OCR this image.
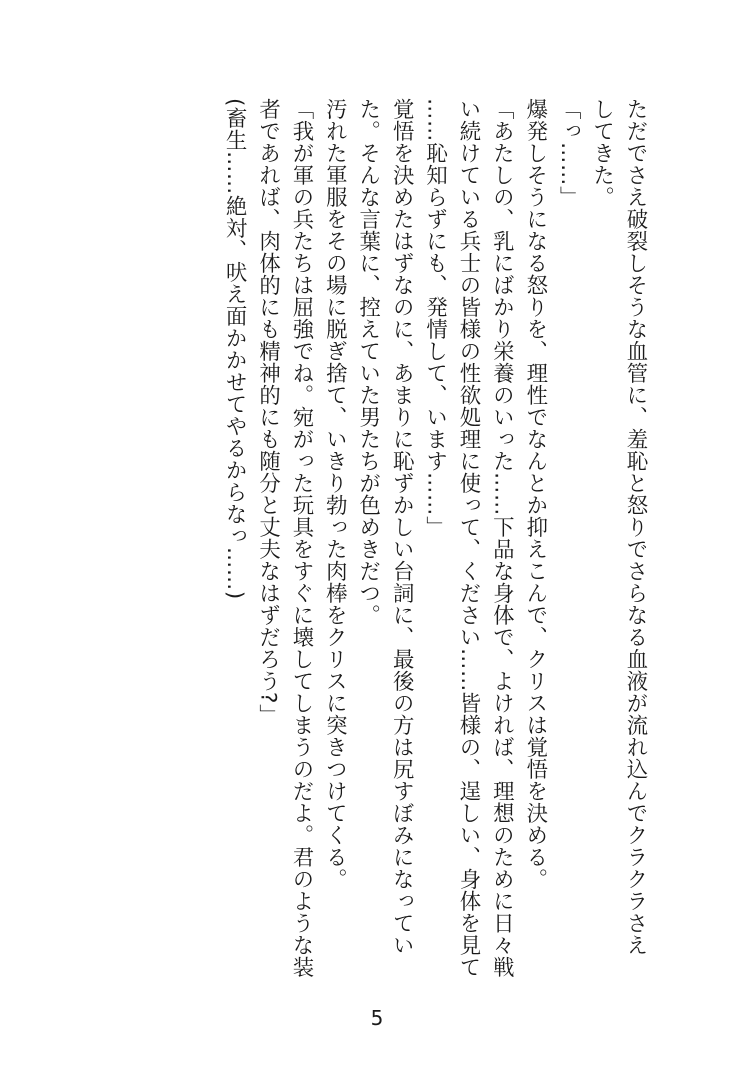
ただでさえ破裂しそうな血管に、羞恥と怒りでさらなる血液が流れ込んでクラクラさえ
してきた。
「っ……」
爆発しそうになる怒りを、理性でなんとか抑えこんで、クリスは覚悟を決める。
「あたしの、乳にばかり栄養のいった……下品な身体で、よければ、理想のために日々戦
い続けている兵士の皆様の性欲処理に使って、ください……皆様の、逞しい、身体を見て
……恥知らずにも、発情して、います……」
覚悟を決めたはずなのに、あまりに恥ずかしい台詞に、最後の方は尻すぼみになってい
た。そんな言葉に、控えていた男たちが色めきだつ。
汚れた軍服をその場に脱ぎ捨て、いきり勃った肉棒をクリスに突きつけてくる。
「我が軍の兵たちは屈強でね。宛がった玩具をすぐに壊してしまうのだよ。君のような装
者であれば、肉体的にも精神的にも随分と丈夫なはずだろう?」
(畜生……絶対、吠え面かかせてやるからなっ……)
5
